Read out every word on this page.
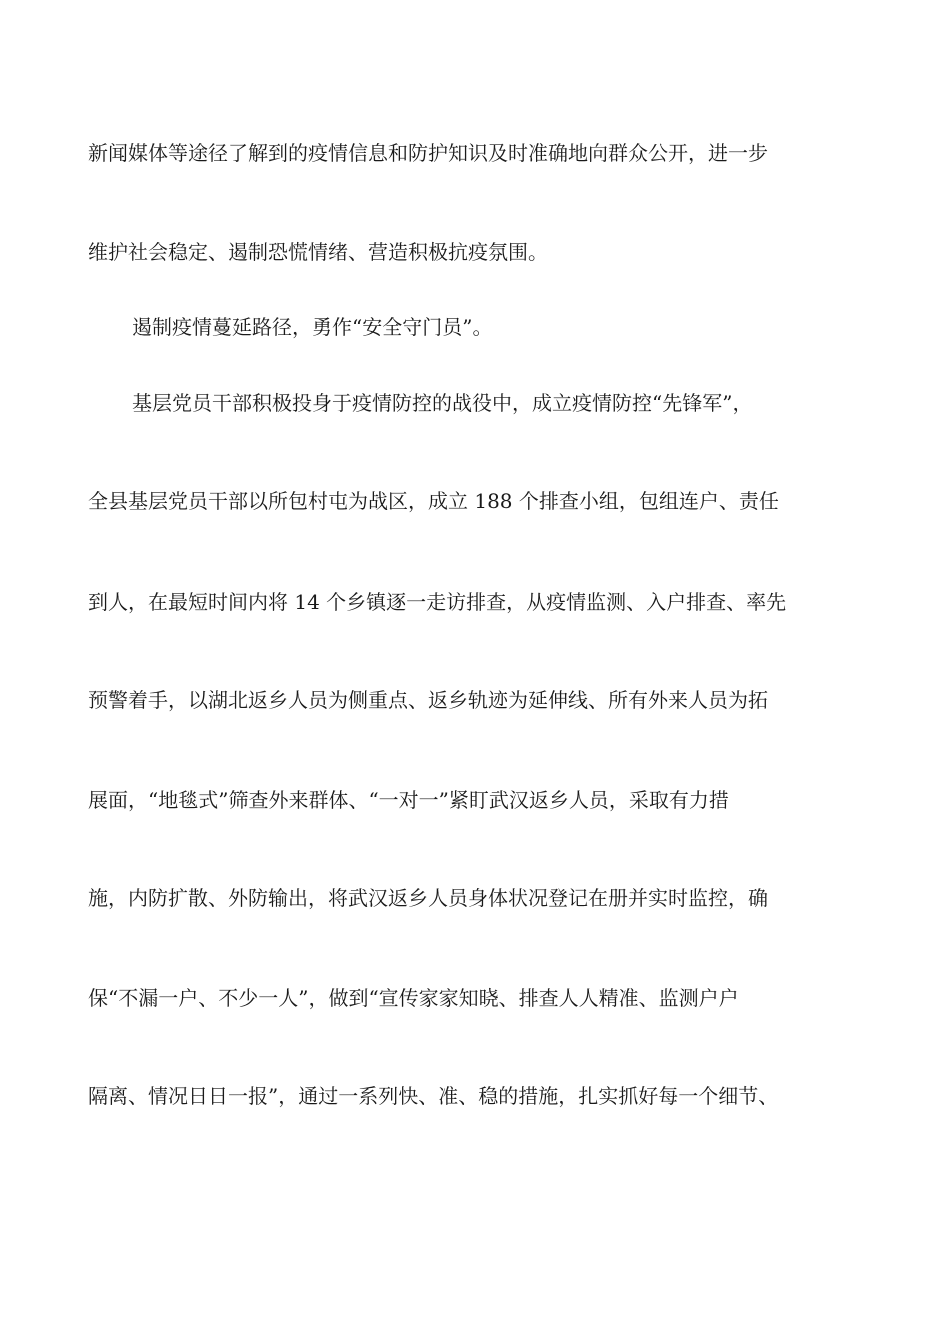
新闻媒体等途径了解到的疫情信息和防护知识及时准确地向群众公开，进一步
维护社会稳定、遏制恐慌情绪、营造积极抗疫氛围。
遏制疫情蔓延路径，勇作“安全守门员”。
基层党员干部积极投身于疫情防控的战役中，成立疫情防控“先锋军”，
全县基层党员干部以所包村屯为战区，成立 188 个排查小组，包组连户、责任
到人，在最短时间内将 14 个乡镇逐一走访排查，从疫情监测、入户排查、率先
预警着手，以湖北返乡人员为侧重点、返乡轨迹为延伸线、所有外来人员为拓
展面，“地毯式”筛查外来群体、“一对一”紧盯武汉返乡人员，采取有力措
施，内防扩散、外防输出，将武汉返乡人员身体状况登记在册并实时监控，确
保“不漏一户、不少一人”，做到“宣传家家知晓、排查人人精准、监测户户
隔离、情况日日一报”，通过一系列快、准、稳的措施，扎实抓好每一个细节、
